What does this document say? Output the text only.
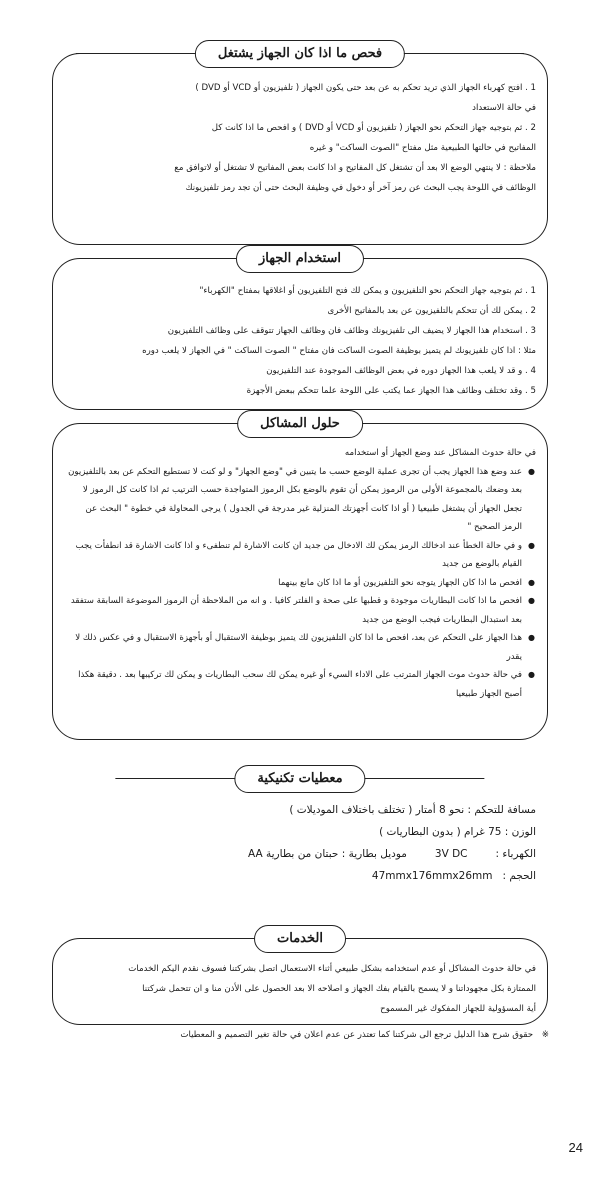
فحص ما اذا كان الجهاز يشتغل

1 . افتح كهرباء الجهاز الذي تريد تحكم به عن بعد حتى يكون الجهاز ( تلفيزيون أو VCD أو DVD )

في حالة الاستعداد

2 . ثم بتوجيه جهاز التحكم نحو الجهاز ( تلفيزيون أو VCD أو DVD ) و افحص ما اذا كانت كل

المفاتيح في حالتها الطبيعية مثل مفتاح "الصوت الساكت" و غيره

ملاحظة : لا ينتهي الوضع الا بعد أن تشتغل كل المفاتيح و اذا كانت بعض المفاتيح لا تشتغل أو لاتوافق مع

الوظائف في اللوحة يجب البحث عن رمز آخر أو دخول في وظيفة البحث حتى أن تجد رمز تلفيزيونك

استخدام الجهاز

1 . ثم بتوجيه جهاز التحكم نحو التلفيزيون و يمكن لك فتح التلفيزيون أو اغلاقها بمفتاح "الكهرباء"

2 . يمكن لك أن تتحكم بالتلفيزيون عن بعد بالمفاتيح الأخرى

3 . استخدام هذا الجهاز لا يضيف الى تلفيزيونك وظائف فان وظائف الجهاز تتوقف على وظائف التلفيزيون

مثلا : اذا كان تلفيزيونك لم يتميز بوظيفة الصوت الساكت فان مفتاح " الصوت الساكت " في الجهاز لا يلعب دوره

4 . و قد لا يلعب هذا الجهاز دوره في بعض الوظائف الموجودة عند التلفيزيون

5 . وقد تختلف وظائف هذا الجهاز عما يكتب على اللوحة علما تتحكم ببعض الأجهزة

حلول المشاكل

في حالة حدوث المشاكل عند وضع الجهاز أو استخدامه

● عند وضع هذا الجهاز يجب أن تجرى عملية الوضع حسب ما يتبين في "وضع الجهاز" و لو كنت لا تستطيع التحكم عن بعد بالتلفيزيون بعد وضعك بالمجموعة الأولى من الرموز يمكن أن تقوم بالوضع بكل الرموز المتواجدة حسب الترتيب ثم اذا كانت كل الرموز لا تجعل الجهاز أن يشتغل طبيعيا ( أو اذا كانت أجهزتك المنزلية غير مدرجة في الجدول ) يرجى المحاولة في خطوة " البحث عن الرمز الصحيح "
● و في حالة الخطأ عند ادخالك الرمز يمكن لك الادخال من جديد ان كانت الاشارة لم تنطفىء و اذا كانت الاشارة قد انطفأت يجب القيام بالوضع من جديد
● افحص ما اذا كان الجهاز يتوجه نحو التلفيزيون أو ما اذا كان مانع بينهما
● افحص ما اذا كانت البطاريات موجودة و قطبها على صحة و الفلتر كافيا . و انه من الملاحظة أن الرموز الموضوعة السابقة ستفقد بعد استبدال البطاريات فيجب الوضع من جديد
● هذا الجهاز على التحكم عن بعد، افحص ما اذا كان التلفيزيون لك يتميز بوظيفة الاستقبال أو بأجهزة الاستقبال و في عكس ذلك لا يقدر
● في حالة حدوث موت الجهاز المترتب على الاداء السيء أو غيره يمكن لك سحب البطاريات و يمكن لك تركيبها بعد . دقيقة هكذا أصبح الجهاز طبيعيا
معطيات تكنيكية

مسافة للتحكم : نحو 8 أمتار ( تختلف باختلاف الموديلات )

الوزن : 75 غرام ( بدون البطاريات )

الكهرباء :
3V DC
موديل بطارية : حبتان من بطارية AA
الحجم :
47mmx176mmx26mm
الخدمات

في حالة حدوث المشاكل أو عدم استخدامه بشكل طبيعي أثناء الاستعمال اتصل بشركتنا فسوف نقدم اليكم الخدمات

الممتازة بكل مجهوداتنا و لا يسمح بالقيام بفك الجهاز و اصلاحه الا بعد الحصول على الأذن منا و ان تتحمل شركتنا

أية المسؤولية للجهاز المفكوك غير المسموح

※ حقوق شرح هذا الدليل ترجع الى شركتنا كما تعتذر عن عدم اعلان في حالة تغير التصميم و المعطيات
24
